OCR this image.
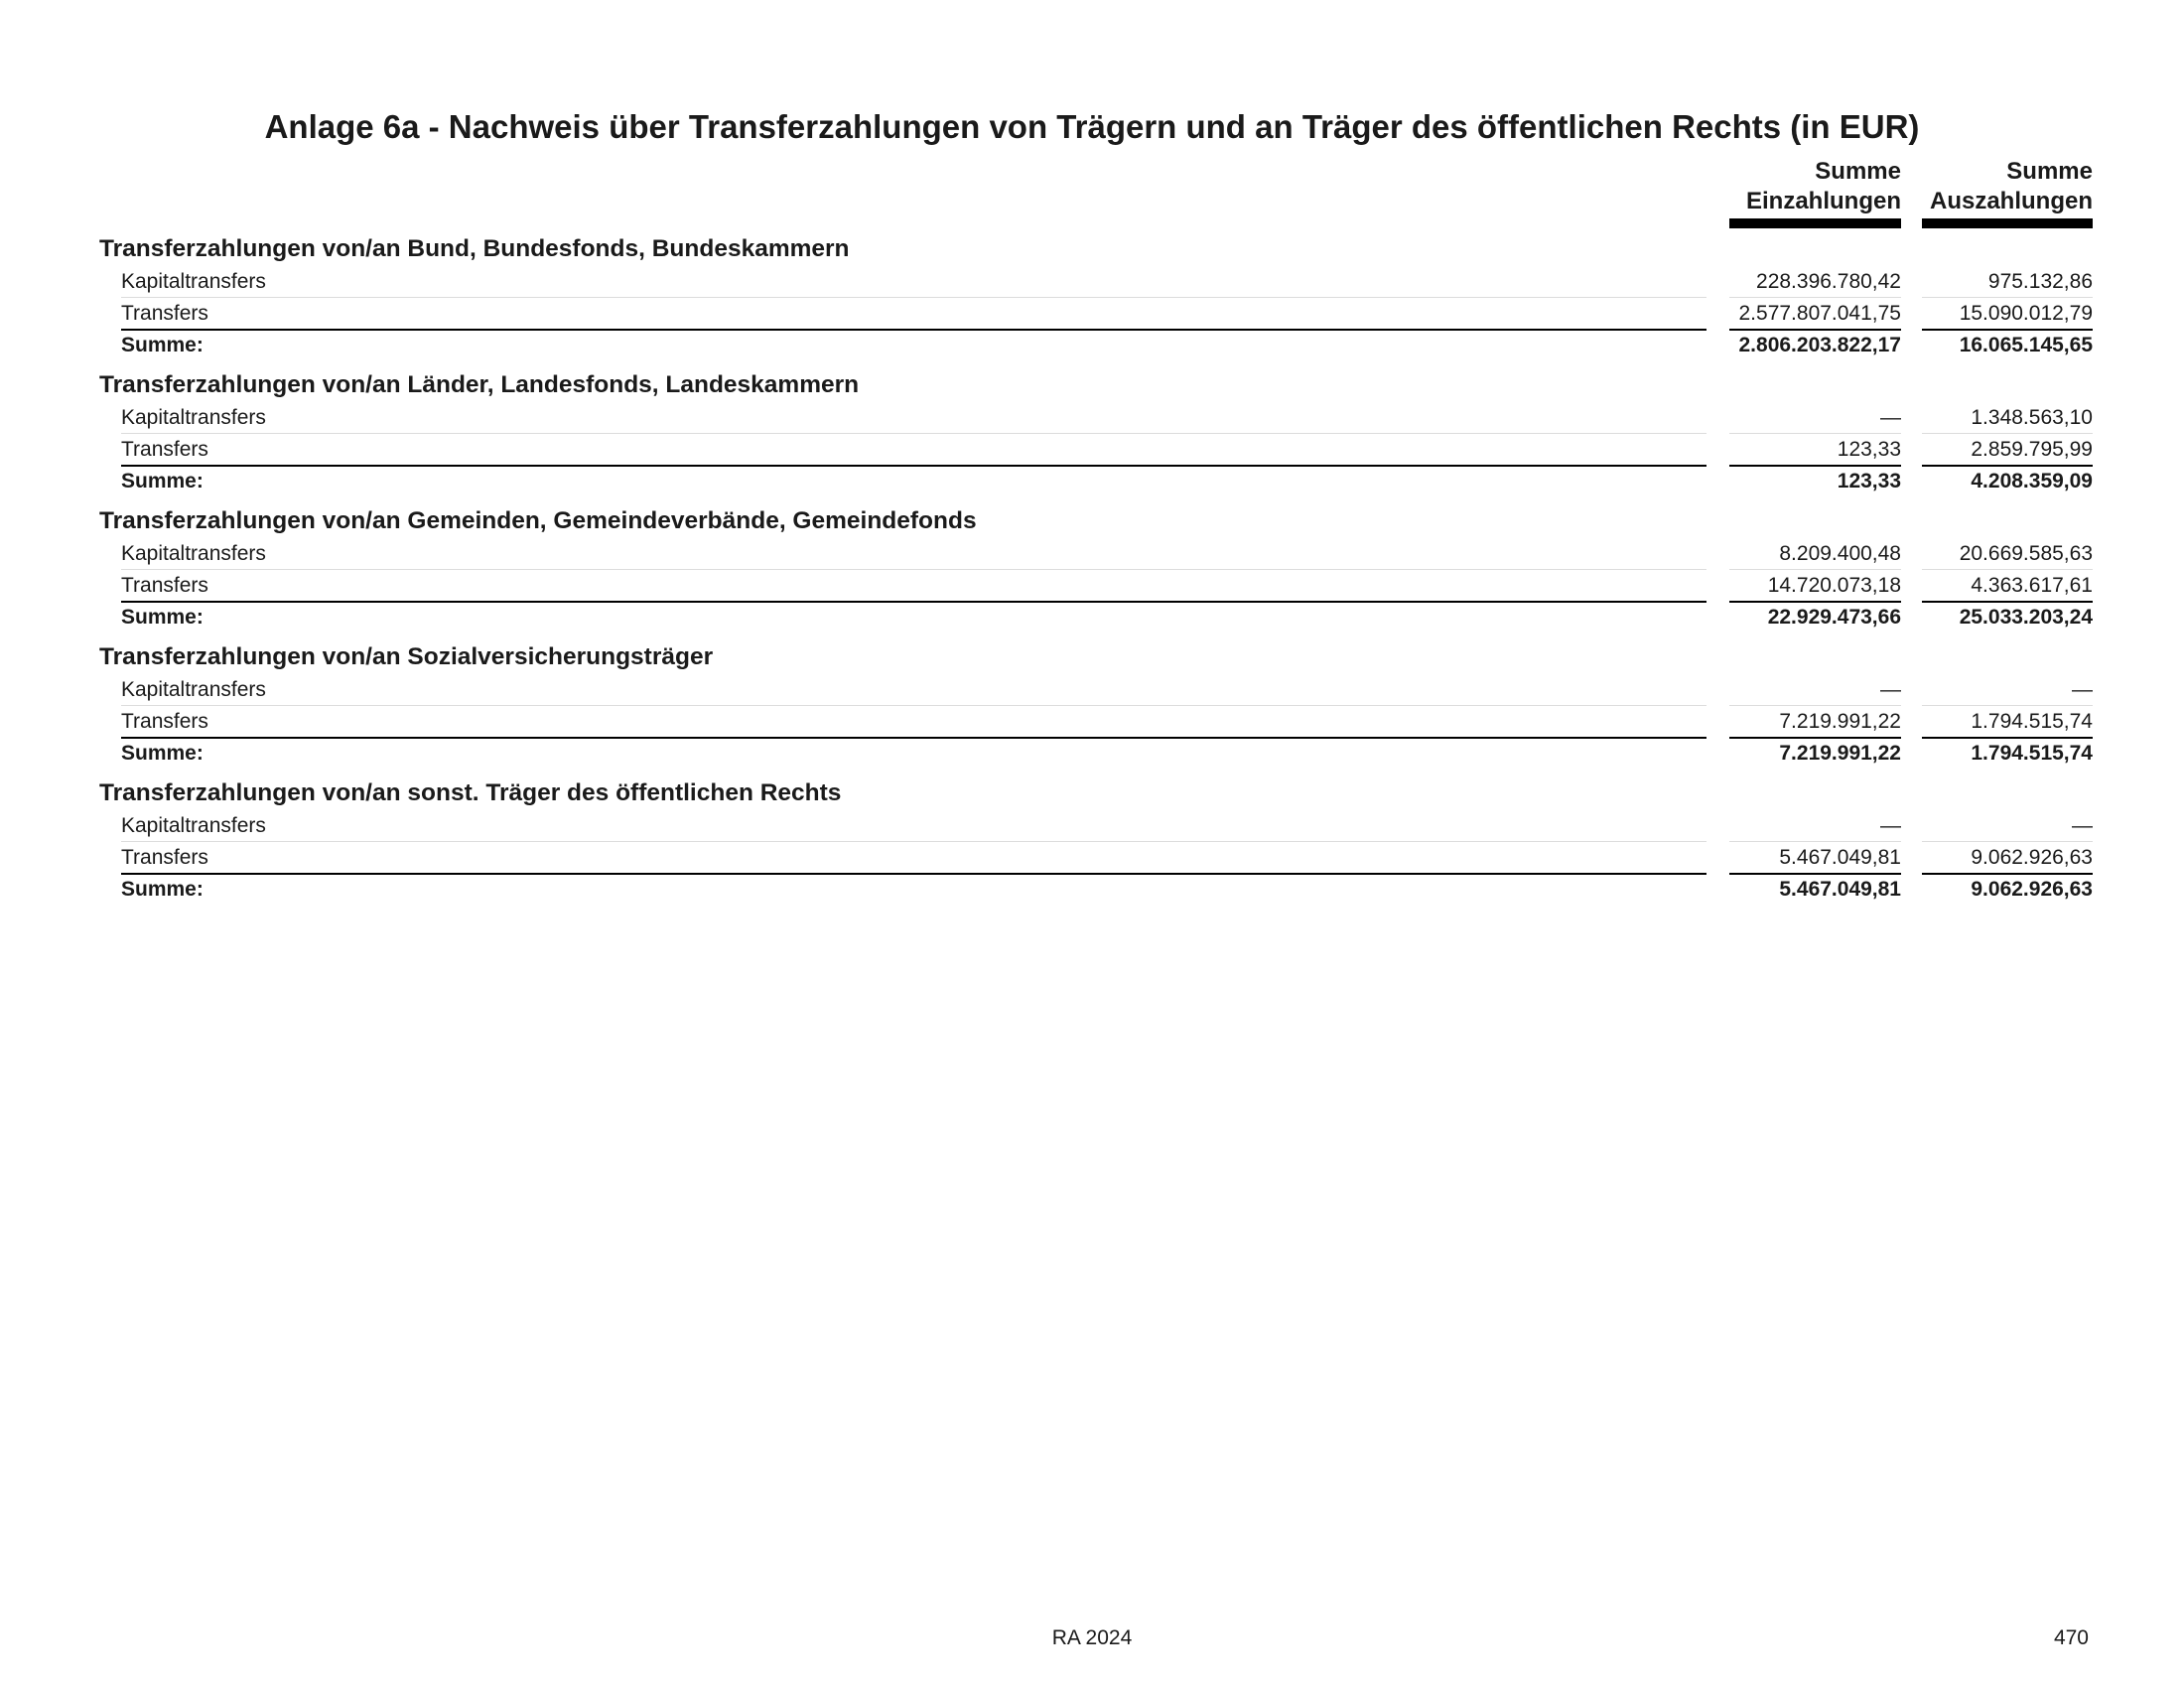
Anlage 6a - Nachweis über Transferzahlungen von Trägern und an Träger des öffentlichen Rechts (in EUR)
Summe
Einzahlungen
Summe
Auszahlungen
Transferzahlungen von/an Bund, Bundesfonds, Bundeskammern
Kapitaltransfers	228.396.780,42	975.132,86
Transfers	2.577.807.041,75	15.090.012,79
Summe:	2.806.203.822,17	16.065.145,65
Transferzahlungen von/an Länder, Landesfonds, Landeskammern
Kapitaltransfers	—	1.348.563,10
Transfers	123,33	2.859.795,99
Summe:	123,33	4.208.359,09
Transferzahlungen von/an Gemeinden, Gemeindeverbände, Gemeindefonds
Kapitaltransfers	8.209.400,48	20.669.585,63
Transfers	14.720.073,18	4.363.617,61
Summe:	22.929.473,66	25.033.203,24
Transferzahlungen von/an Sozialversicherungsträger
Kapitaltransfers	—	—
Transfers	7.219.991,22	1.794.515,74
Summe:	7.219.991,22	1.794.515,74
Transferzahlungen von/an sonst. Träger des öffentlichen Rechts
Kapitaltransfers	—	—
Transfers	5.467.049,81	9.062.926,63
Summe:	5.467.049,81	9.062.926,63
RA 2024	470
